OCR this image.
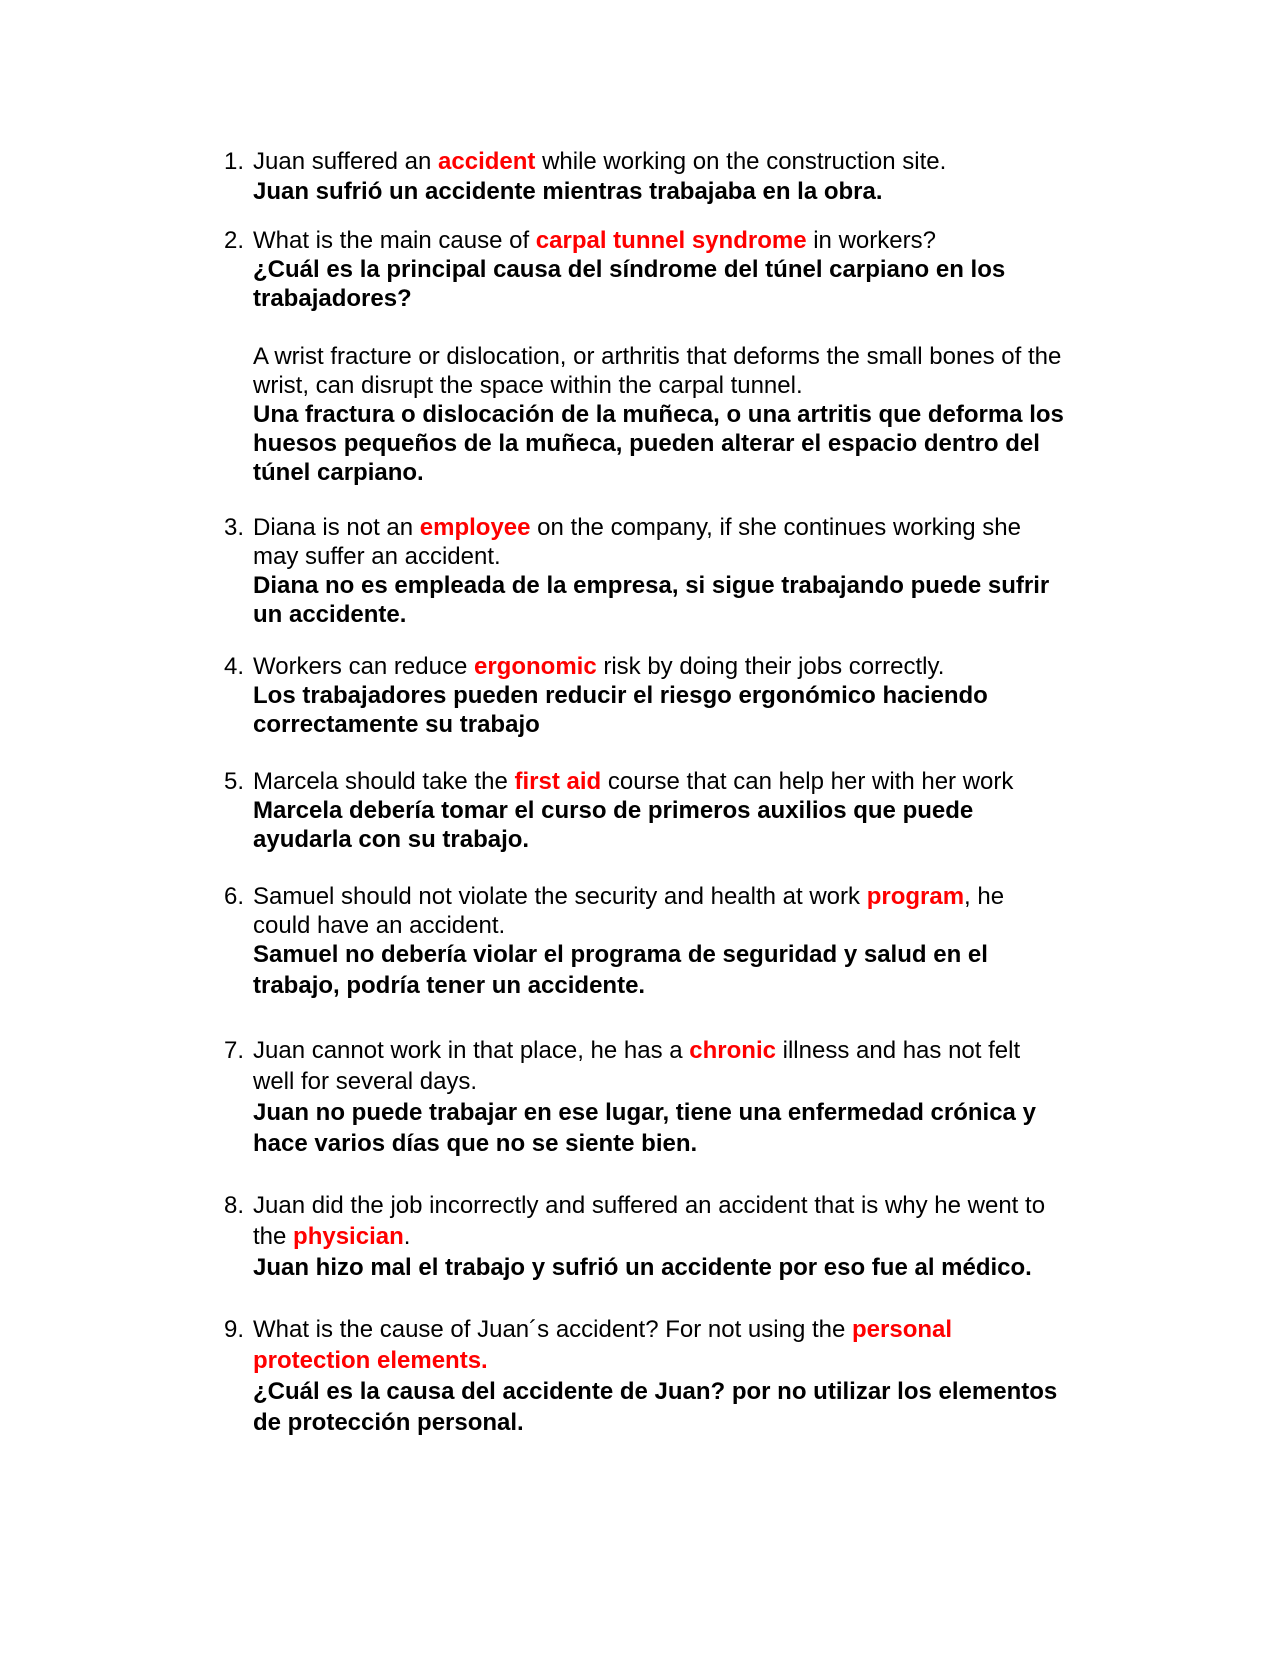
1. Juan suffered an accident while working on the construction site.
Juan sufrió un accidente mientras trabajaba en la obra.
2. What is the main cause of carpal tunnel syndrome in workers?
¿Cuál es la principal causa del síndrome del túnel carpiano en los
trabajadores?
A wrist fracture or dislocation, or arthritis that deforms the small bones of the
wrist, can disrupt the space within the carpal tunnel.
Una fractura o dislocación de la muñeca, o una artritis que deforma los
huesos pequeños de la muñeca, pueden alterar el espacio dentro del
túnel carpiano.
3. Diana is not an employee on the company, if she continues working she
may suffer an accident.
Diana no es empleada de la empresa, si sigue trabajando puede sufrir
un accidente.
4. Workers can reduce ergonomic risk by doing their jobs correctly.
Los trabajadores pueden reducir el riesgo ergonómico haciendo
correctamente su trabajo
5. Marcela should take the first aid course that can help her with her work
Marcela debería tomar el curso de primeros auxilios que puede
ayudarla con su trabajo.
6. Samuel should not violate the security and health at work program, he
could have an accident.
Samuel no debería violar el programa de seguridad y salud en el
trabajo, podría tener un accidente.
7. Juan cannot work in that place, he has a chronic illness and has not felt
well for several days.
Juan no puede trabajar en ese lugar, tiene una enfermedad crónica y
hace varios días que no se siente bien.
8. Juan did the job incorrectly and suffered an accident that is why he went to
the physician.
Juan hizo mal el trabajo y sufrió un accidente por eso fue al médico.
9. What is the cause of Juan´s accident? For not using the personal
protection elements.
¿Cuál es la causa del accidente de Juan? por no utilizar los elementos
de protección personal.
